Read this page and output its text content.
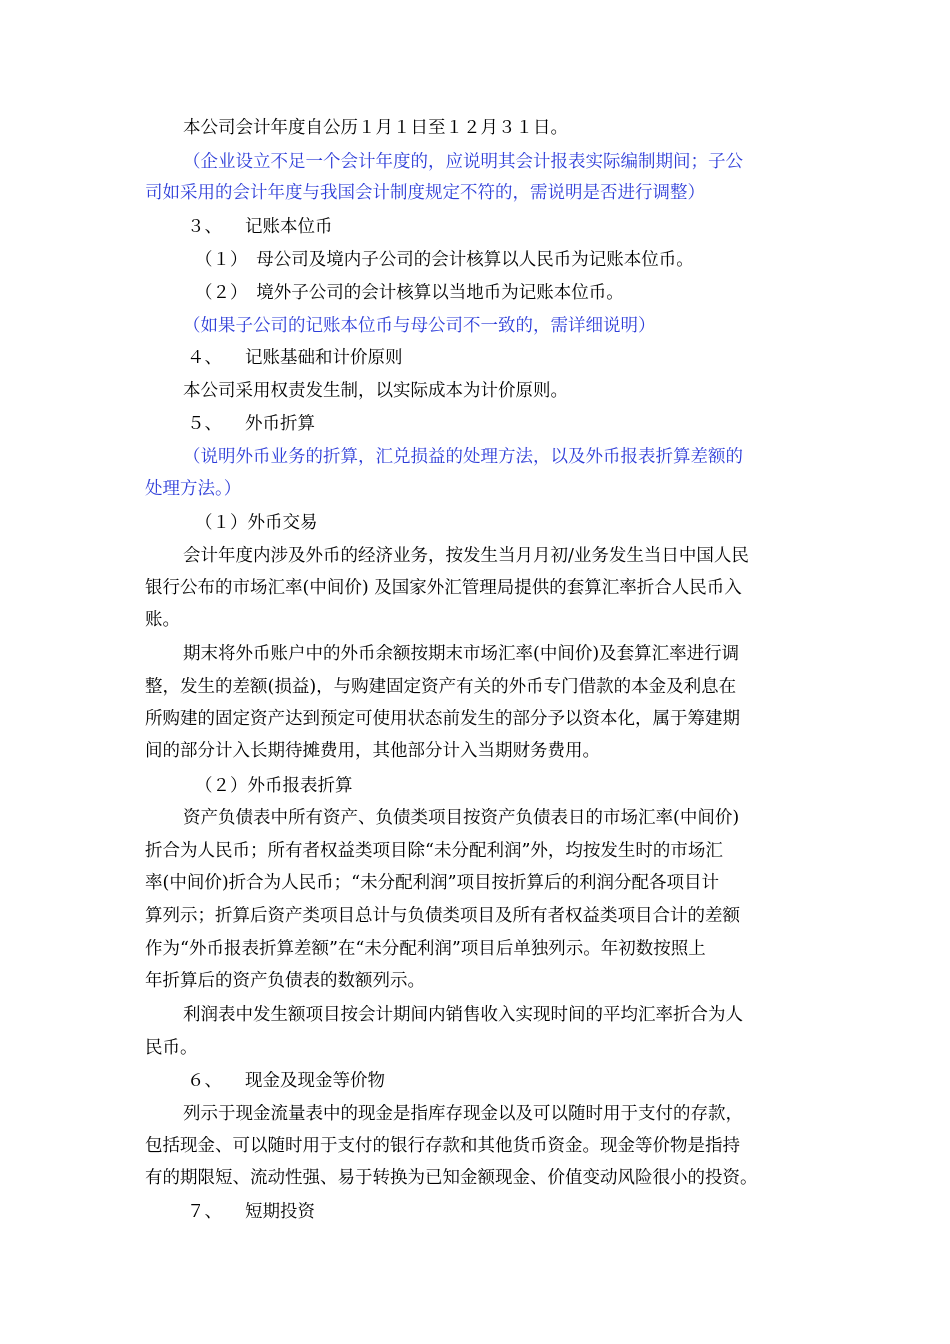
本公司会计年度自公历１月１日至１２月３１日。
（企业设立不足一个会计年度的，应说明其会计报表实际编制期间；子公
司如采用的会计年度与我国会计制度规定不符的，需说明是否进行调整）
３、 记账本位币
（１）　母公司及境内子公司的会计核算以人民币为记账本位币。
（２）　境外子公司的会计核算以当地币为记账本位币。
（如果子公司的记账本位币与母公司不一致的，需详细说明）
４、 记账基础和计价原则
本公司采用权责发生制，以实际成本为计价原则。
５、 外币折算
（说明外币业务的折算，汇兑损益的处理方法，以及外币报表折算差额的
处理方法。）
（１）外币交易
会计年度内涉及外币的经济业务，按发生当月月初/业务发生当日中国人民
银行公布的市场汇率(中间价) 及国家外汇管理局提供的套算汇率折合人民币入
账。
期末将外币账户中的外币余额按期末市场汇率(中间价)及套算汇率进行调
整，发生的差额(损益)，与购建固定资产有关的外币专门借款的本金及利息在
所购建的固定资产达到预定可使用状态前发生的部分予以资本化，属于筹建期
间的部分计入长期待摊费用，其他部分计入当期财务费用。
（２）外币报表折算
资产负债表中所有资产、负债类项目按资产负债表日的市场汇率(中间价)
折合为人民币；所有者权益类项目除“未分配利润”外，均按发生时的市场汇
率(中间价)折合为人民币；“未分配利润”项目按折算后的利润分配各项目计
算列示；折算后资产类项目总计与负债类项目及所有者权益类项目合计的差额
作为“外币报表折算差额”在“未分配利润”项目后单独列示。年初数按照上
年折算后的资产负债表的数额列示。
利润表中发生额项目按会计期间内销售收入实现时间的平均汇率折合为人
民币。
６、 现金及现金等价物
列示于现金流量表中的现金是指库存现金以及可以随时用于支付的存款，
包括现金、可以随时用于支付的银行存款和其他货币资金。现金等价物是指持
有的期限短、流动性强、易于转换为已知金额现金、价值变动风险很小的投资。
７、 短期投资
